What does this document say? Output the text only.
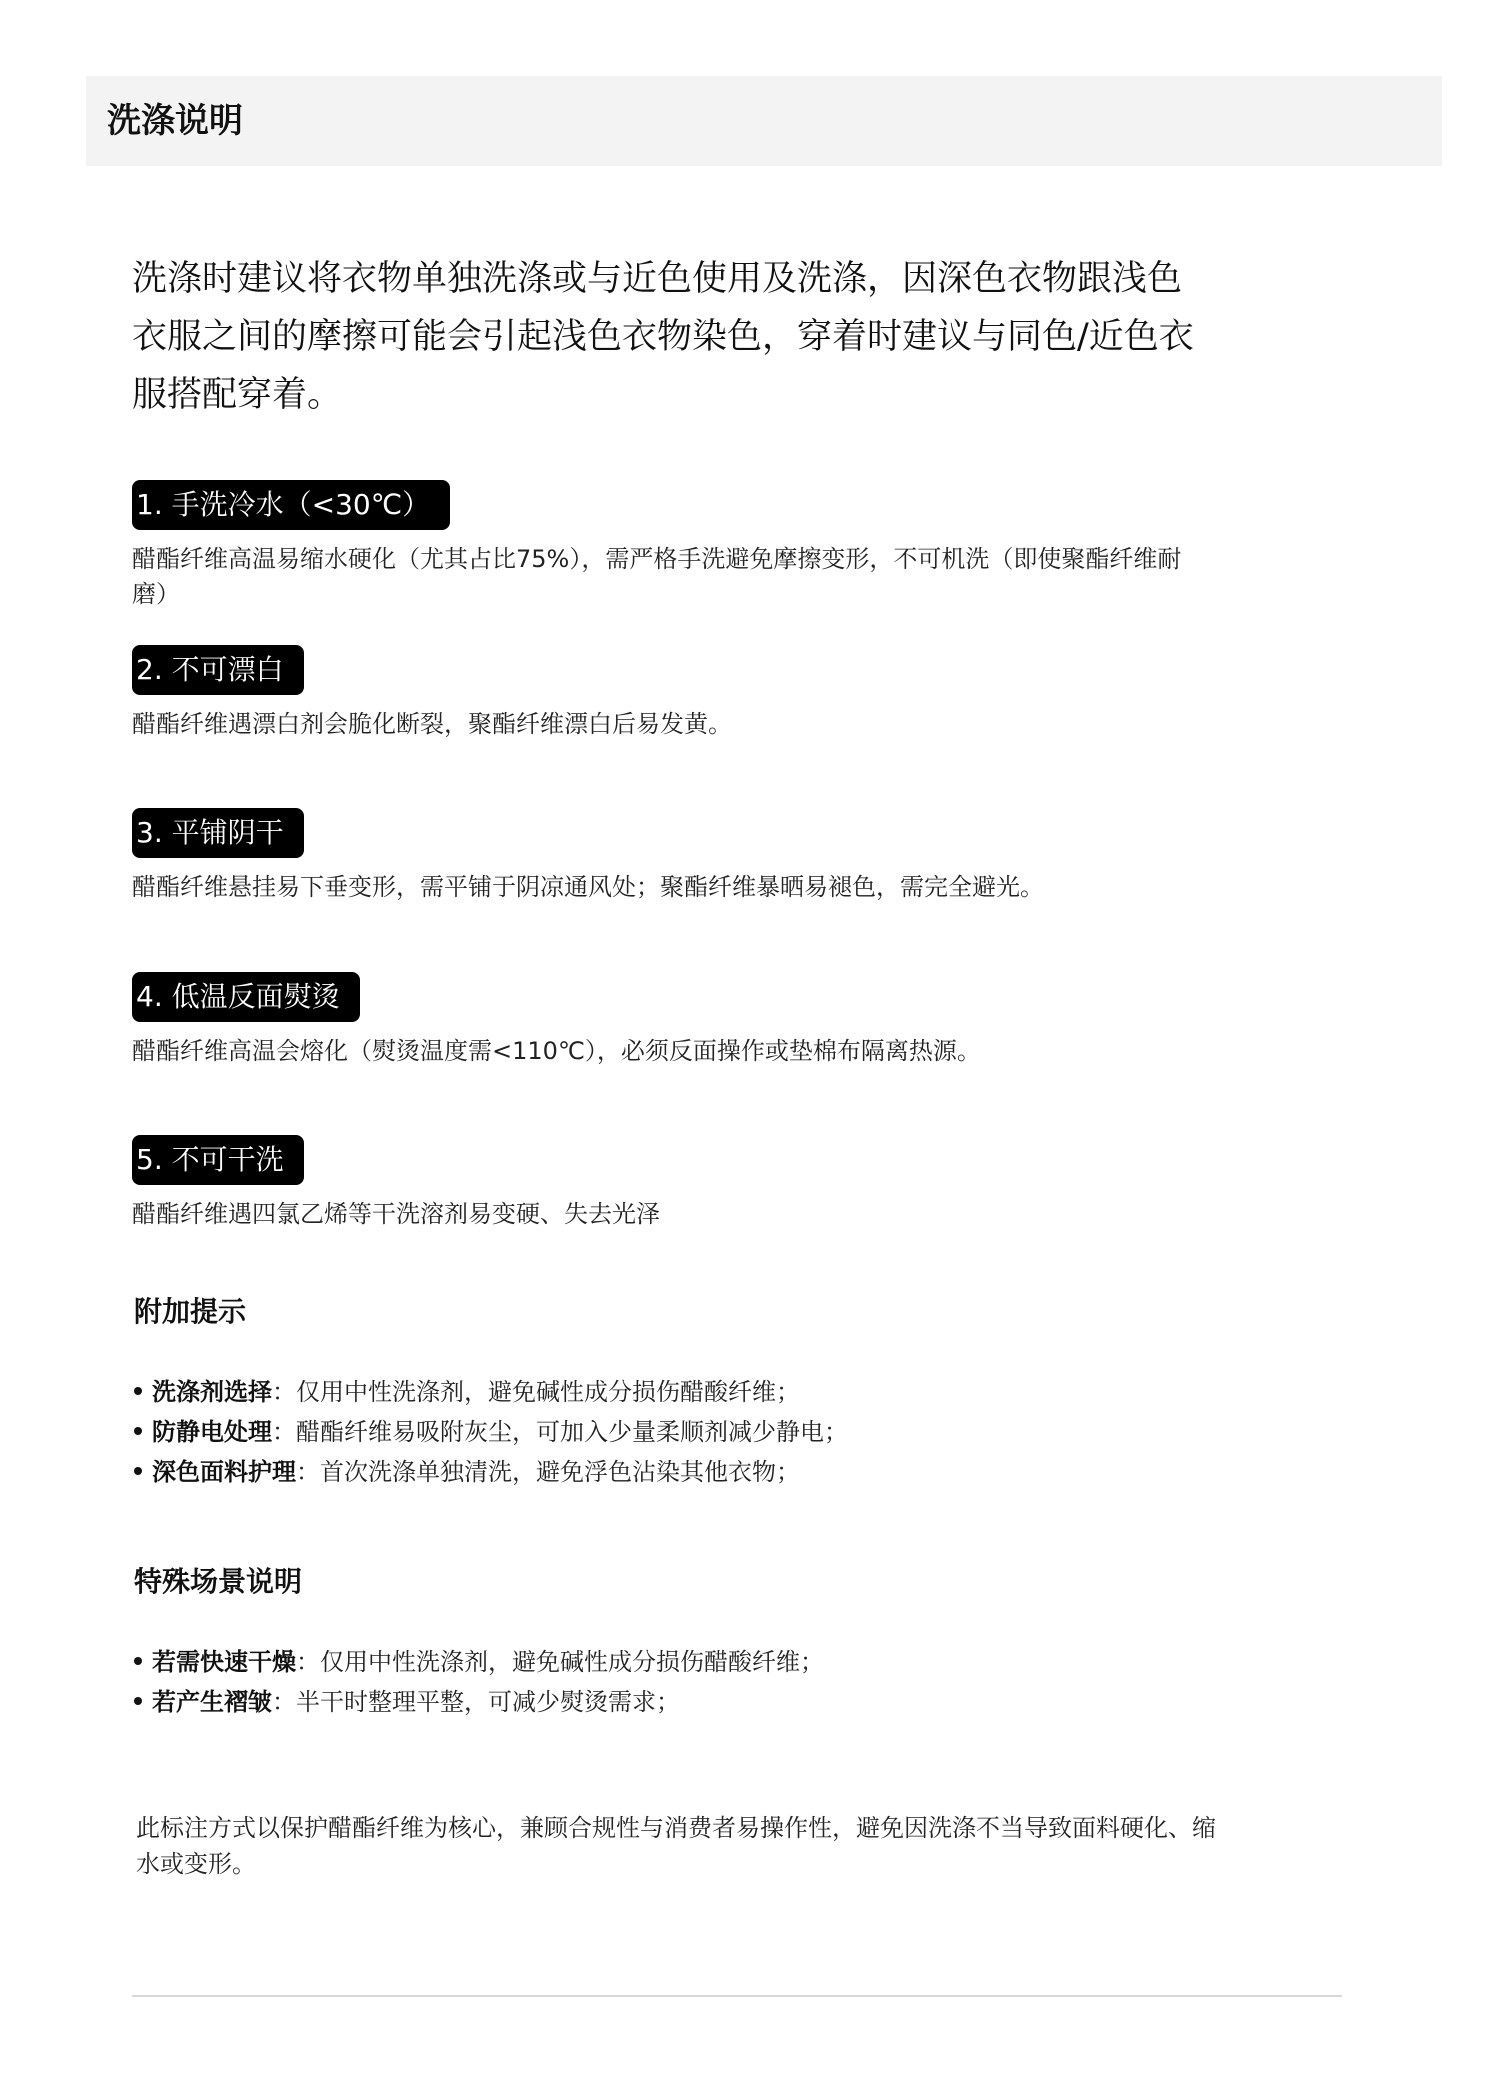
洗涤说明
洗涤时建议将衣物单独洗涤或与近色使用及洗涤，因深色衣物跟浅色衣服之间的摩擦可能会引起浅色衣物染色，穿着时建议与同色/近色衣服搭配穿着。
1. 手洗冷水（<30℃）
醋酯纤维高温易缩水硬化（尤其占比75%），需严格手洗避免摩擦变形，不可机洗（即使聚酯纤维耐磨）
2. 不可漂白
醋酯纤维遇漂白剂会脆化断裂，聚酯纤维漂白后易发黄。
3. 平铺阴干
醋酯纤维悬挂易下垂变形，需平铺于阴凉通风处；聚酯纤维暴晒易褪色，需完全避光。
4. 低温反面熨烫
醋酯纤维高温会熔化（熨烫温度需<110℃），必须反面操作或垫棉布隔离热源。
5. 不可干洗
醋酯纤维遇四氯乙烯等干洗溶剂易变硬、失去光泽
附加提示
洗涤剂选择：仅用中性洗涤剂，避免碱性成分损伤醋酸纤维；
防静电处理：醋酯纤维易吸附灰尘，可加入少量柔顺剂减少静电；
深色面料护理：首次洗涤单独清洗，避免浮色沾染其他衣物；
特殊场景说明
若需快速干燥：仅用中性洗涤剂，避免碱性成分损伤醋酸纤维；
若产生褶皱：半干时整理平整，可减少熨烫需求；
此标注方式以保护醋酯纤维为核心，兼顾合规性与消费者易操作性，避免因洗涤不当导致面料硬化、缩水或变形。
